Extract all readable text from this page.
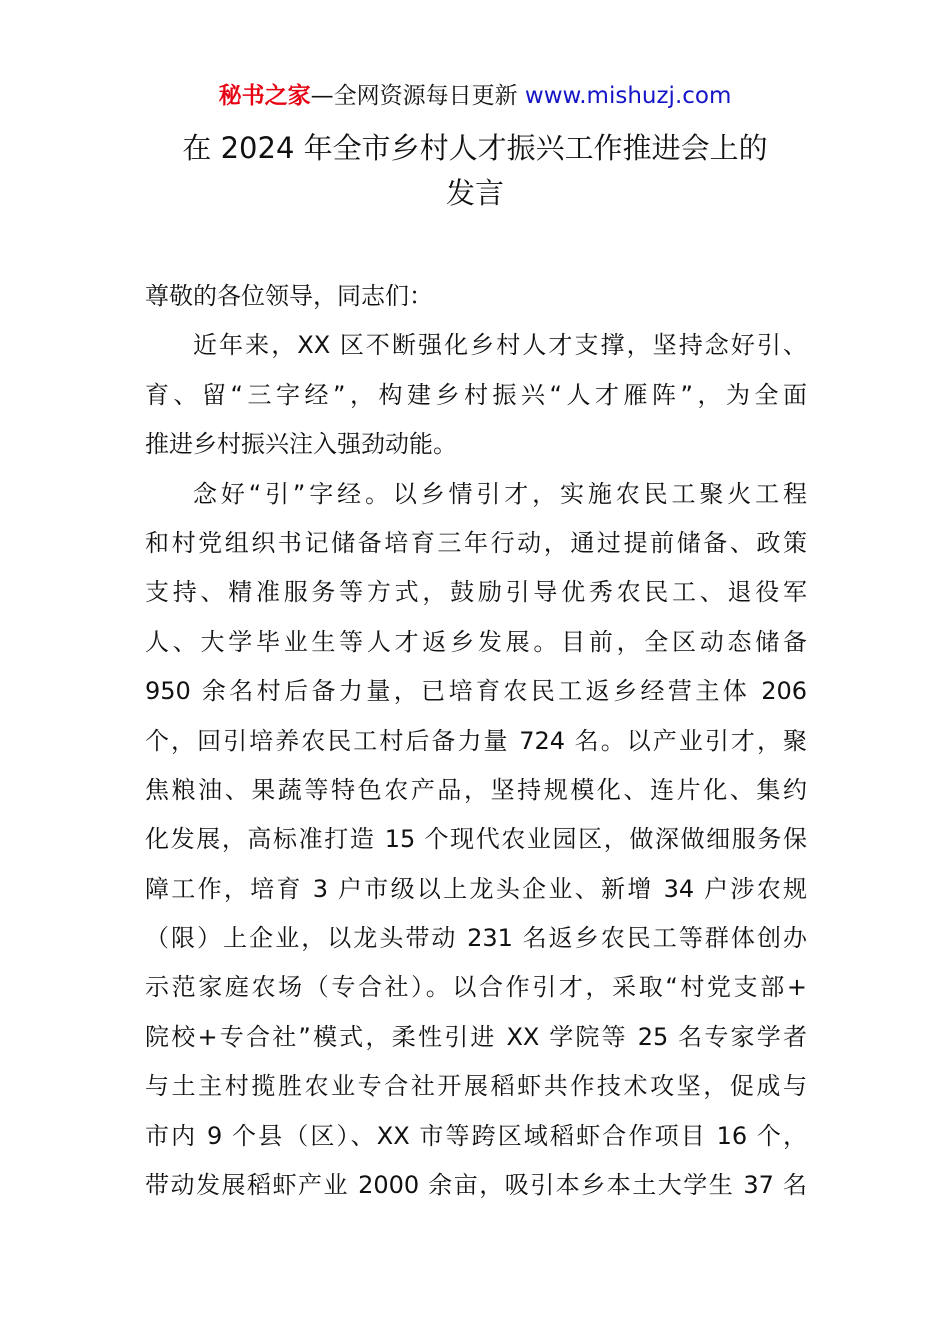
秘书之家—全网资源每日更新 www.mishuzj.com
在 2024 年全市乡村人才振兴工作推进会上的
发言
尊敬的各位领导，同志们：
近年来，XX 区不断强化乡村人才支撑，坚持念好引、
育、留“三字经”，构建乡村振兴“人才雁阵”，为全面
推进乡村振兴注入强劲动能。
念好“引”字经。以乡情引才，实施农民工聚火工程
和村党组织书记储备培育三年行动，通过提前储备、政策
支持、精准服务等方式，鼓励引导优秀农民工、退役军
人、大学毕业生等人才返乡发展。目前，全区动态储备
950 余名村后备力量，已培育农民工返乡经营主体 206
个，回引培养农民工村后备力量 724 名。以产业引才，聚
焦粮油、果蔬等特色农产品，坚持规模化、连片化、集约
化发展，高标准打造 15 个现代农业园区，做深做细服务保
障工作，培育 3 户市级以上龙头企业、新增 34 户涉农规
（限）上企业，以龙头带动 231 名返乡农民工等群体创办
示范家庭农场（专合社）。以合作引才，采取“村党支部+
院校+专合社”模式，柔性引进 XX 学院等 25 名专家学者
与土主村揽胜农业专合社开展稻虾共作技术攻坚，促成与
市内 9 个县（区）、XX 市等跨区域稻虾合作项目 16 个，
带动发展稻虾产业 2000 余亩，吸引本乡本土大学生 37 名
